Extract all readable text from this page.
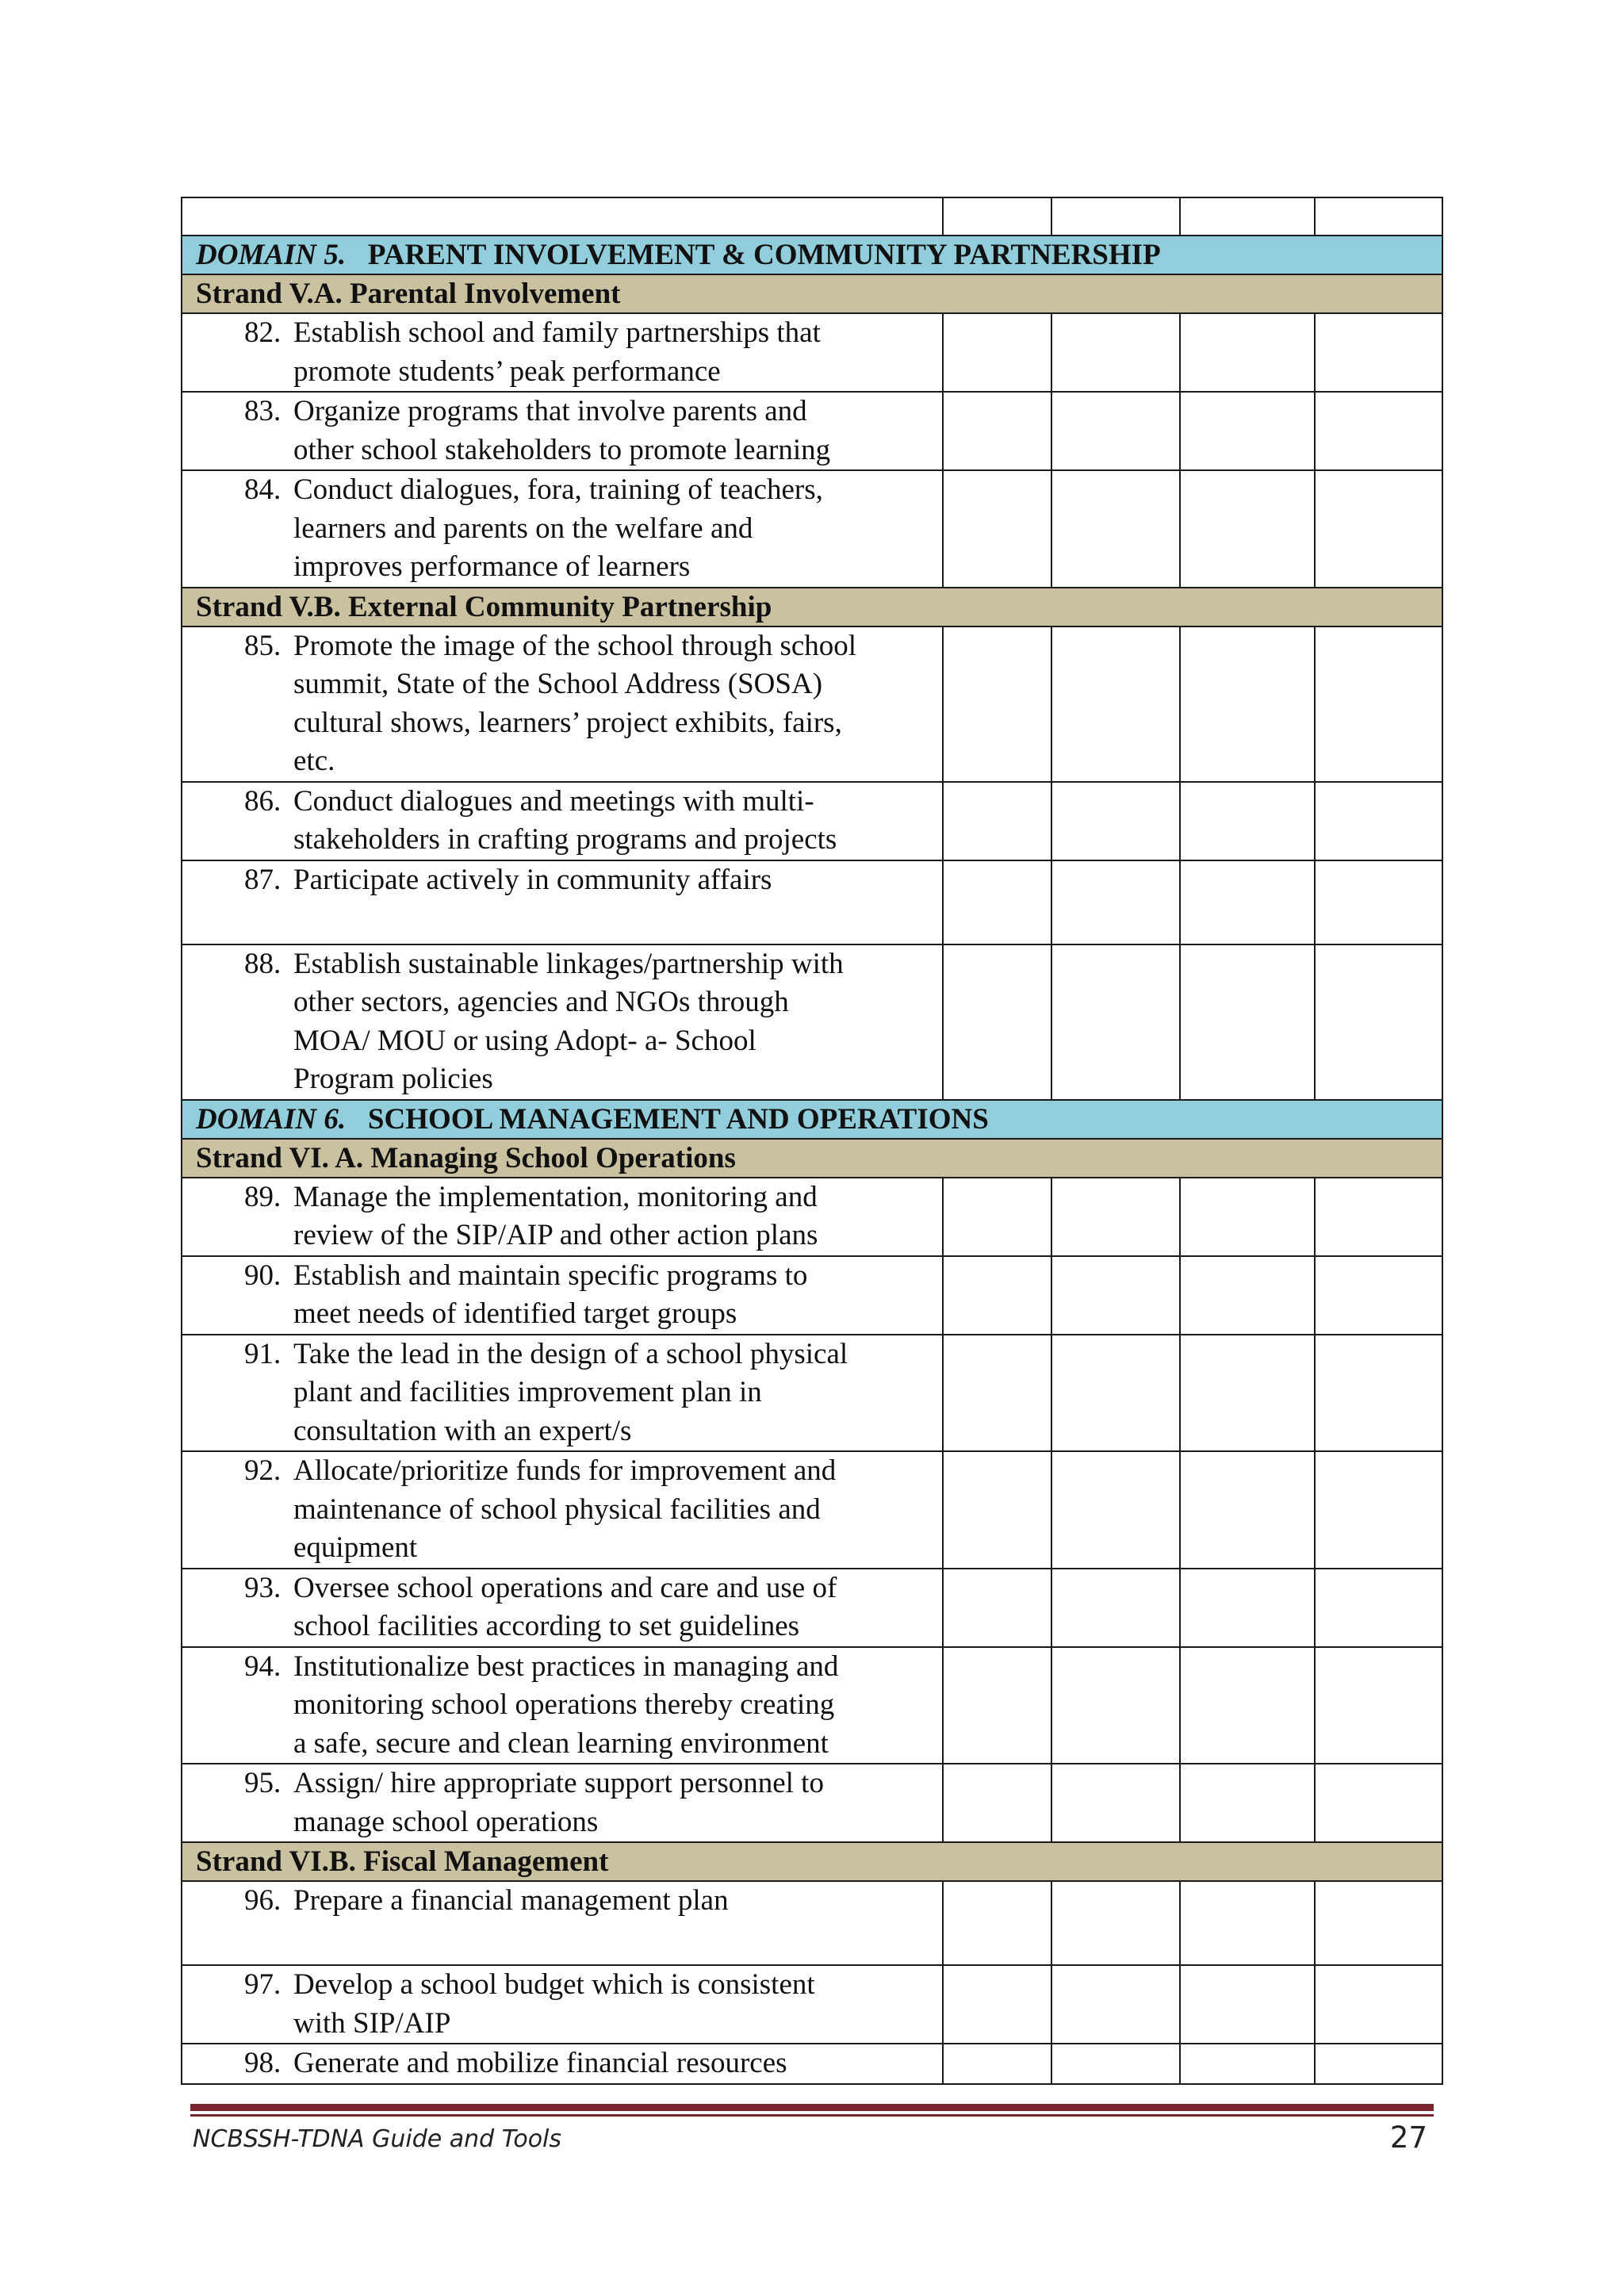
DOMAIN 5. PARENT INVOLVEMENT & COMMUNITY PARTNERSHIP				

Strand V.A. Parental Involvement				

82. Establish school and family partnerships that
promote students’ peak performance				

83. Organize programs that involve parents and
other school stakeholders to promote learning				

84. Conduct dialogues, fora, training of teachers,
learners and parents on the welfare and
improves performance of learners				

Strand V.B. External Community Partnership				

85. Promote the image of the school through school
summit, State of the School Address (SOSA)
cultural shows, learners’ project exhibits, fairs,
etc.				

86. Conduct dialogues and meetings with multi-
stakeholders in crafting programs and projects				

87. Participate actively in community affairs				

88. Establish sustainable linkages/partnership with
other sectors, agencies and NGOs through
MOA/ MOU or using Adopt- a- School
Program policies				

DOMAIN 6. SCHOOL MANAGEMENT AND OPERATIONS				

Strand VI. A. Managing School Operations				

89. Manage the implementation, monitoring and
review of the SIP/AIP and other action plans				

90. Establish and maintain specific programs to
meet needs of identified target groups				

91. Take the lead in the design of a school physical
plant and facilities improvement plan in
consultation with an expert/s				

92. Allocate/prioritize funds for improvement and
maintenance of school physical facilities and
equipment				

93. Oversee school operations and care and use of
school facilities according to set guidelines				

94. Institutionalize best practices in managing and
monitoring school operations thereby creating
a safe, secure and clean learning environment				

95. Assign/ hire appropriate support personnel to
manage school operations				

Strand VI.B. Fiscal Management				

96. Prepare a financial management plan				

97. Develop a school budget which is consistent
with SIP/AIP				

98. Generate and mobilize financial resources				

NCBSSH-TDNA Guide and Tools	27
